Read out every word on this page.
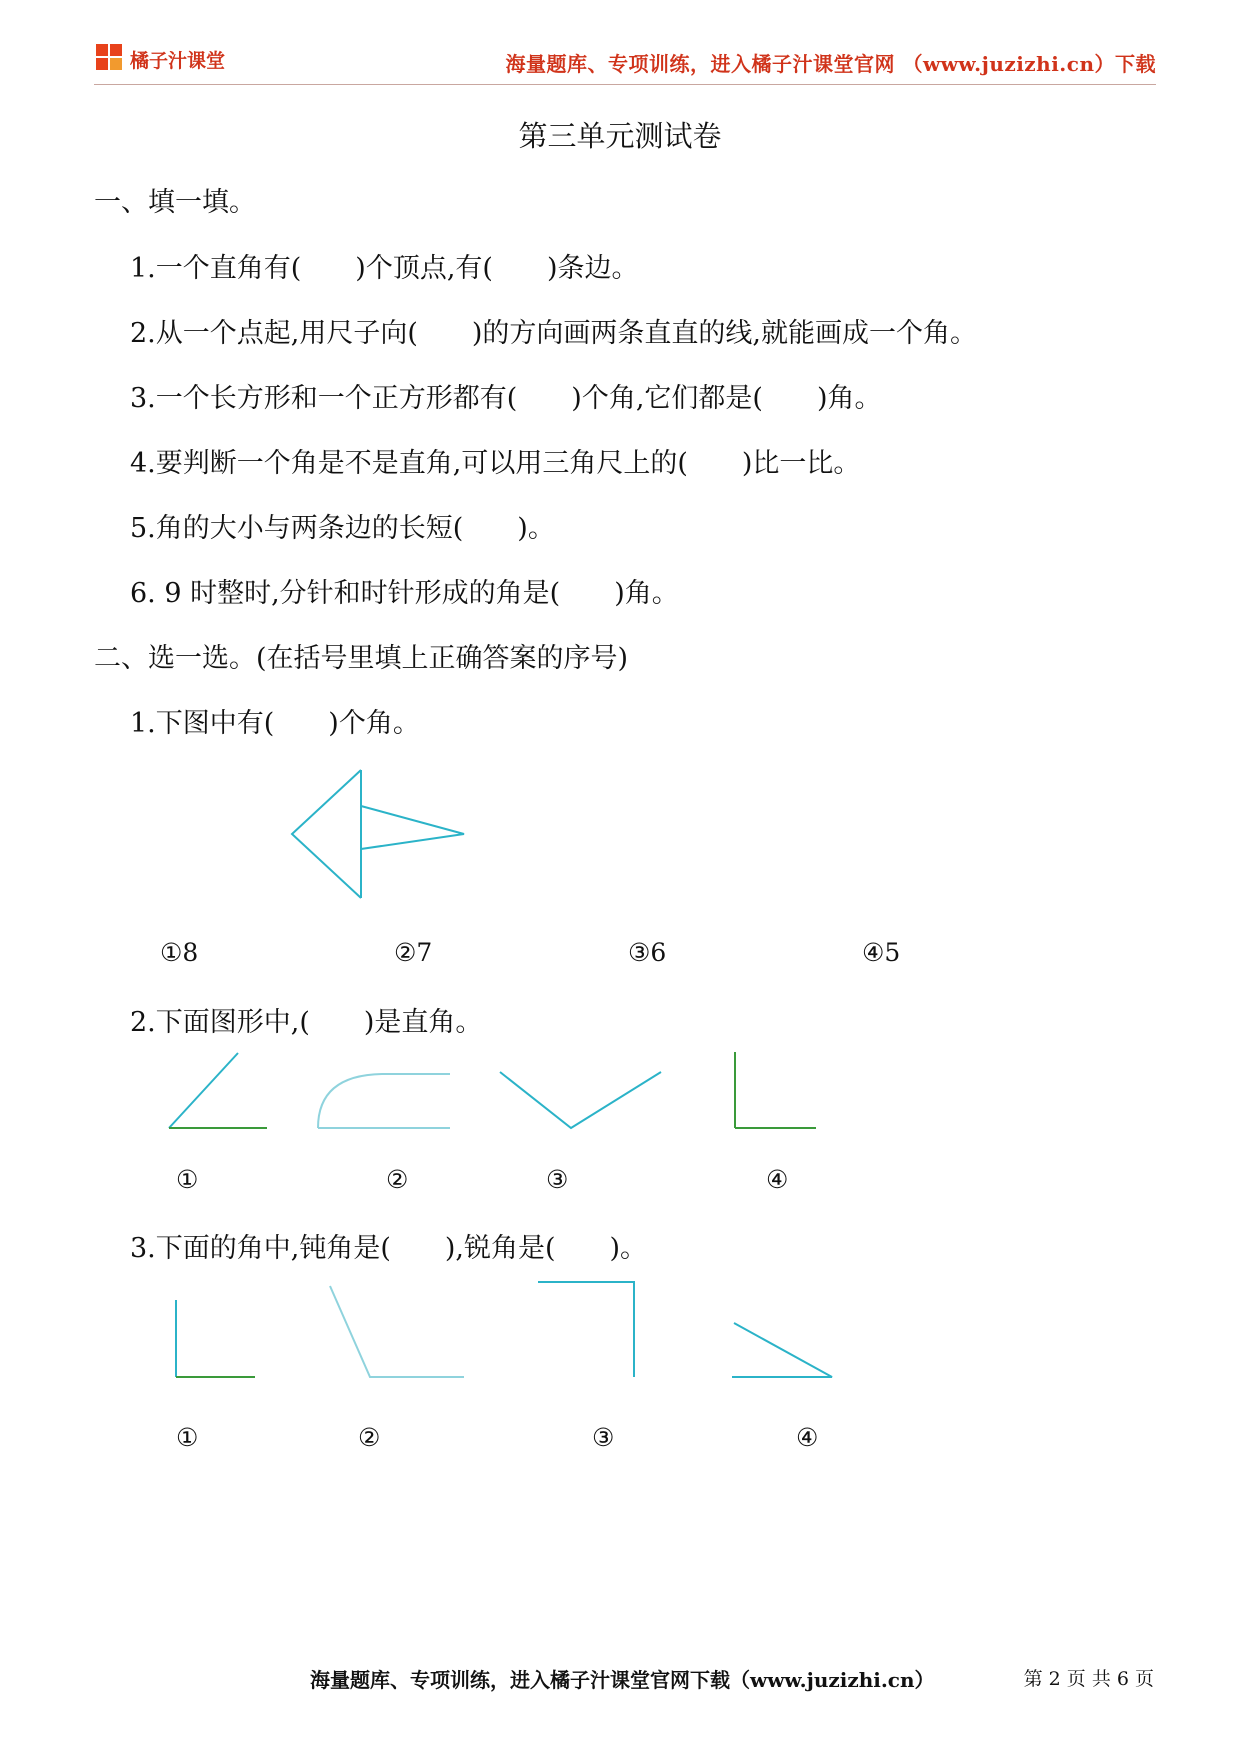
橘子汁课堂	海量题库、专项训练，进入橘子汁课堂官网 （www.juzizhi.cn）下载
第三单元测试卷
一、填一填。
1.一个直角有(　　)个顶点,有(　　)条边。
2.从一个点起,用尺子向(　　)的方向画两条直直的线,就能画成一个角。
3.一个长方形和一个正方形都有(　　)个角,它们都是(　　)角。
4.要判断一个角是不是直角,可以用三角尺上的(　　)比一比。
5.角的大小与两条边的长短(　　)。
6. 9 时整时,分针和时针形成的角是(　　)角。
二、选一选。(在括号里填上正确答案的序号)
1.下图中有(　　)个角。
①8	②7	③6	④5
2.下面图形中,(　　)是直角。
①	②	③	④
3.下面的角中,钝角是(　　),锐角是(　　)。
①	②	③	④
海量题库、专项训练，进入橘子汁课堂官网下载（www.juzizhi.cn）	第 2 页 共 6 页
